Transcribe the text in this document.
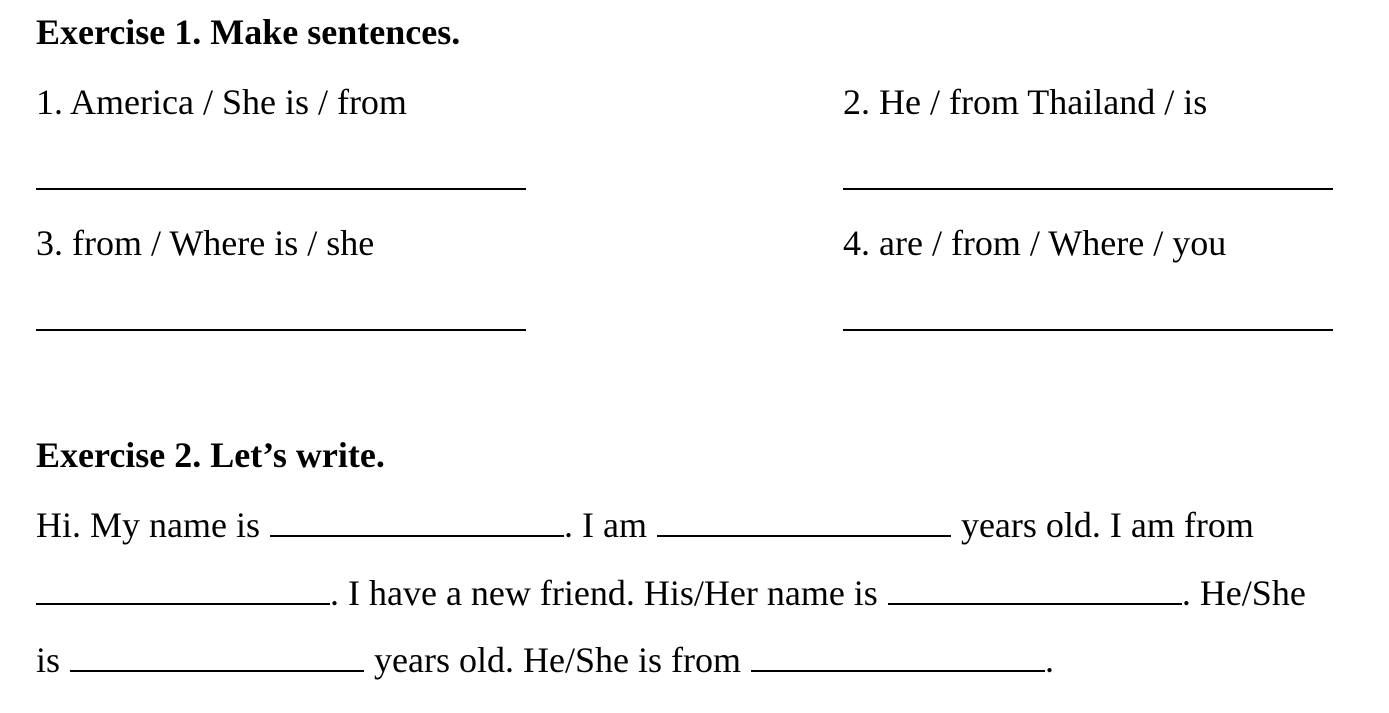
Exercise 1. Make sentences.
1. America / She is / from	2. He / from Thailand / is
3. from / Where is / she	4. are / from / Where / you
Exercise 2. Let’s write.
Hi. My name is	. I am	years old. I am from
. I have a new friend. His/Her name is	. He/She
is	years old. He/She is from	.
